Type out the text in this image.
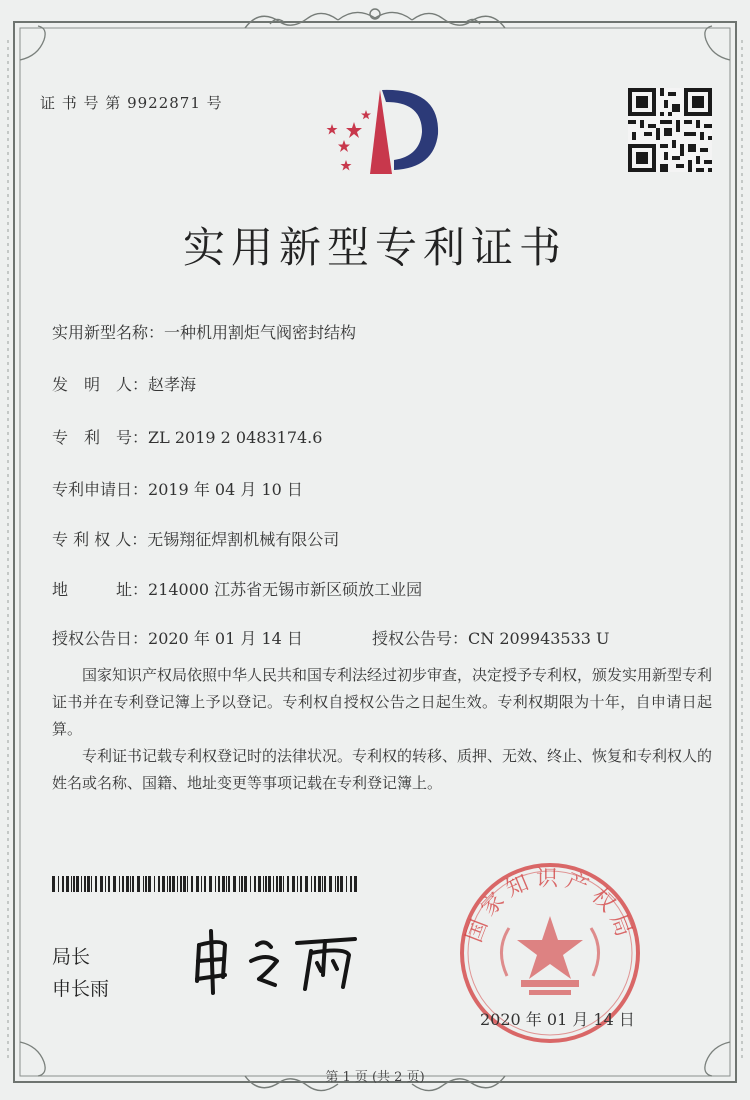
证 书 号 第 9922871 号
实用新型专利证书
实用新型名称：一种机用割炬气阀密封结构
发　明　人：赵孝海
专　利　号：ZL 2019 2 0483174.6
专利申请日：2019 年 04 月 10 日
专 利 权 人：无锡翔征焊割机械有限公司
地　　　址：214000 江苏省无锡市新区硕放工业园
授权公告日：2020 年 01 月 14 日	授权公告号：CN 209943533 U

国家知识产权局依照中华人民共和国专利法经过初步审查，决定授予专利权，颁发实用新型专利证书并在专利登记簿上予以登记。专利权自授权公告之日起生效。专利权期限为十年，自申请日起算。

专利证书记载专利权登记时的法律状况。专利权的转移、质押、无效、终止、恢复和专利权人的姓名或名称、国籍、地址变更等事项记载在专利登记簿上。

局长
申长雨
国家知识产权局
2020 年 01 月 14 日
第 1 页 (共 2 页)
